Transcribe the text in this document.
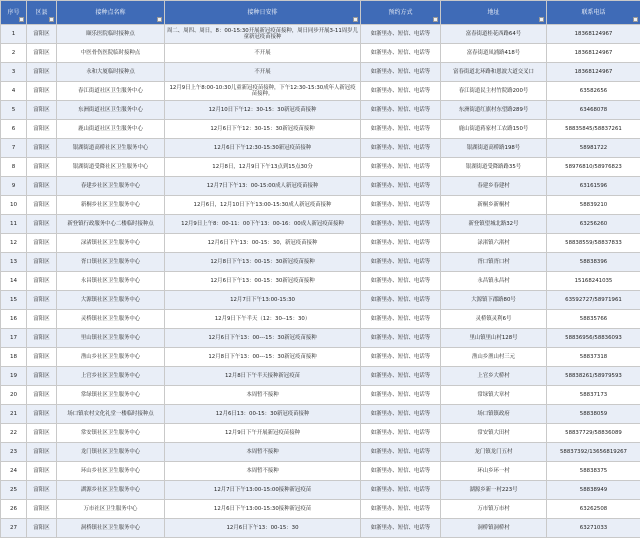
序号	区县	接种点名称	接种日安排	预约方式	地址	联系电话

1	富阳区	颐乐医院临时接种点	周二、周四、周日，8：00-15:30开展新冠疫苗接种，周日同步开展3-11周岁儿童新冠疫苗接种	如浙里办、短信、电话等	富春街道桂花西路64号	18368124967
2	富阳区	中医骨伤医院临时接种点	不开展	如浙里办、短信、电话等	富春街道凤浦路418号	18368124967
3	富阳区	永和大厦临时接种点	不开展	如浙里办、短信、电话等	富春街道北环路和恩波大道交叉口	18368124967
4	富阳区	春江街道社区卫生服务中心	12月9日上午8:00-10:30儿童新冠疫苗接种，下午12:30-15:30成年人新冠疫苗接种。	如浙里办、短信、电话等	春江街道民主村竹院路200号	63582656
5	富阳区	东洲街道社区卫生服务中心	12月10日下午12：30-15：30新冠疫苗接种	如浙里办、短信、电话等	东洲街道红旗村东望路289号	63468078
6	富阳区	鹿山街道社区卫生服务中心	12月6日下午12：30-15：30新冠疫苗接种	如浙里办、短信、电话等	鹿山街道蒋家村工农路150号	58835845/58837261
7	富阳区	银湖街道高桥社区卫生服务中心	12月6日下午12:30-15:30新冠疫苗接种	如浙里办、短信、电话等	银湖街道高桥路198号	58981722
8	富阳区	银湖街道受降社区卫生服务中心	12月8日，12月9日下午13点到15点30分	如浙里办、短信、电话等	银湖街道受降路路35号	58976810/58976823
9	富阳区	春建乡社区卫生服务中心	12月7日下午13：00-15:00成人新冠疫苗接种	如浙里办、短信、电话等	春建乡春建村	63161596
10	富阳区	新桐乡社区卫生服务中心	12月6日，12月10日下午13:00-15:30成人新冠疫苗接种	如浙里办、短信、电话等	新桐乡新桐村	58839210
11	富阳区	新登镇行政服务中心二楼临时接种点	12月9日上午8：00-11：00下午13：00-16：00成人新冠疫苗接种	如浙里办、短信、电话等	新登镇望城北路32号	63256260
12	富阳区	渌渚镇社区卫生服务中心	12月6日下午13：00-15：30，新冠疫苗接种	如浙里办、短信、电话等	渌渚镇六渚村	58838559/58837833
13	富阳区	胥口镇社区卫生服务中心	12月8日下午13：00-15：30新冠疫苗接种	如浙里办、短信、电话等	胥口镇胥口村	58838396
14	富阳区	永昌镇社区卫生服务中心	12月6日下午13：00-15：30新冠疫苗接种	如浙里办、短信、电话等	永昌镇永昌村	15168241035
15	富阳区	大源镇社区卫生服务中心	12月7日下午13:00-15:30	如浙里办、短信、电话等	大源镇下郡路80号	63592727/58971961
16	富阳区	灵桥镇社区卫生服务中心	12月9日下午半天（12：30--15：30）	如浙里办、短信、电话等	灵桥镇灵利6号	58835766
17	富阳区	里山镇社区卫生服务中心	12月6日下午13：00---15：30新冠疫苗接种	如浙里办、短信、电话等	里山镇里山村128号	58836956/58836093
18	富阳区	渔山乡社区卫生服务中心	12月8日下午13：00---15：30新冠疫苗接种	如浙里办、短信、电话等	渔山乡渔山村三元	58837318
19	富阳区	上官乡社区卫生服务中心	12月8日下午半天接种新冠疫苗	如浙里办、短信、电话等	上官乡大桥村	58838261/58979593
20	富阳区	常绿镇社区卫生服务中心	本周暂不接种	如浙里办、短信、电话等	常绿镇大章村	58837173
21	富阳区	场口镇农村文化礼堂一楼临时接种点	12月6日13：00-15：30新冠疫苗接种	如浙里办、短信、电话等	场口镇镇政府	58838059
22	富阳区	常安镇社区卫生服务中心	12月9日下午开展新冠疫苗接种	如浙里办、短信、电话等	常安镇大田村	58837729/58836089
23	富阳区	龙门镇社区卫生服务中心	本周暂不接种	如浙里办、短信、电话等	龙门镇龙门五村	58837392/13656819267
24	富阳区	环山乡社区卫生服务中心	本周暂不接种	如浙里办、短信、电话等	环山乡环一村	58838375
25	富阳区	湖源乡社区卫生服务中心	12月7日下午13:00-15:00接种新冠疫苗	如浙里办、短信、电话等	湖源乡新一村223号	58838949
26	富阳区	万市社区卫生服务中心	12月6日下午13:00-15:30接种新冠疫苗	如浙里办、短信、电话等	万市镇万市村	63262508
27	富阳区	洞桥镇社区卫生服务中心	12月6日下午13：00-15：30	如浙里办、短信、电话等	洞桥镇洞桥村	63271033
